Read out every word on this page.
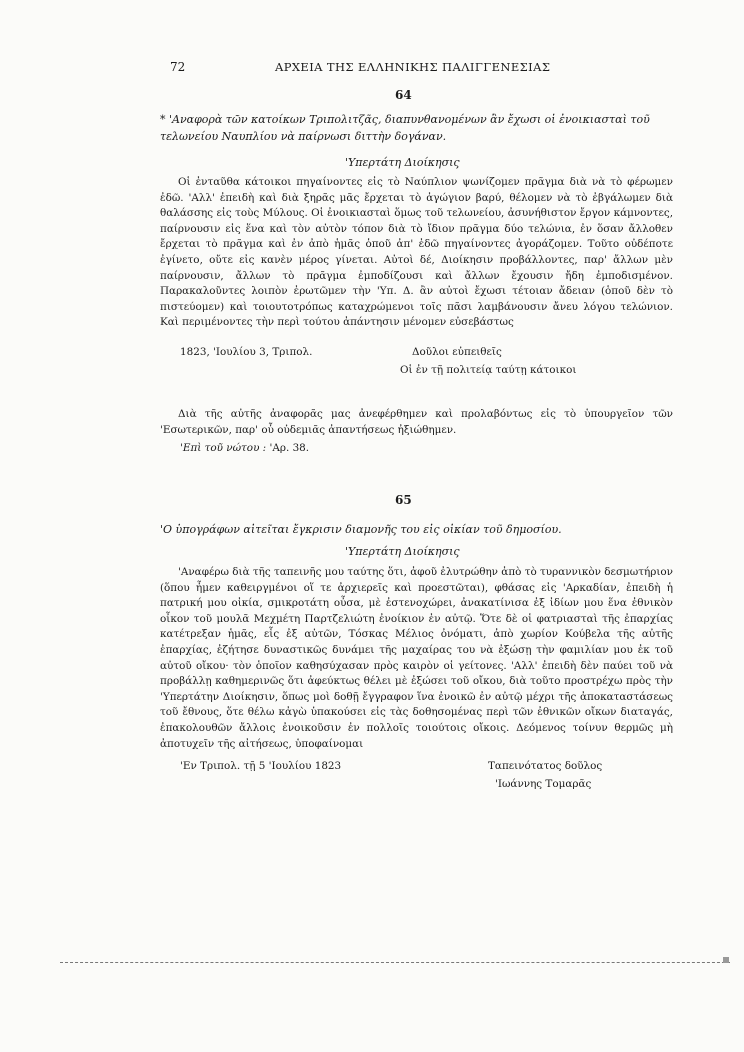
72	ΑΡΧΕΙΑ ΤΗΣ ΕΛΛΗΝΙΚΗΣ ΠΑΛΙΓΓΕΝΕΣΙΑΣ
64
* 'Αναφορὰ τῶν κατοίκων Τριπολιτζᾶς, διαπυνθανομένων ἂν ἔχωσι οἱ ἐνοικιασταὶ τοῦ
τελωνείου Ναυπλίου νὰ παίρνωσι διττὴν δογάναν.
'Υπερτάτη Διοίκησις

Οἱ ἐνταῦθα κάτοικοι πηγαίνοντες εἰς τὸ Ναύπλιον ψωνίζομεν πρᾶγμα διὰ νὰ τὸ φέρωμεν ἐδῶ. 'Αλλ' ἐπειδὴ καὶ διὰ ξηρᾶς μᾶς ἔρχεται τὸ ἀγώγιον βαρύ, θέλομεν νὰ τὸ ἐβγάλωμεν διὰ θαλάσσης εἰς τοὺς Μύλους. Οἱ ἐνοικιασταὶ ὅμως τοῦ τελωνείου, ἀσυνήθιστον ἔργον κάμνοντες, παίρνουσιν εἰς ἕνα καὶ τὸν αὐτὸν τόπον διὰ τὸ ἴδιον πρᾶγμα δύο τελώνια, ἐν ὅσαν ἄλλοθεν ἔρχεται τὸ πρᾶγμα καὶ ἐν ἀπὸ ἡμᾶς ὁποῦ ἀπ' ἐδῶ πηγαίνοντες ἀγοράζομεν. Τοῦτο οὐδέποτε ἐγίνετο, οὔτε εἰς κανὲν μέρος γίνεται. Αὐτοὶ δέ, Διοίκησιν προβάλλοντες, παρ' ἄλλων μὲν παίρνουσιν, ἄλλων τὸ πρᾶγμα ἐμποδίζουσι καὶ ἄλλων ἔχουσιν ἤδη ἐμποδισμένον. Παρακαλοῦντες λοιπὸν ἐρωτῶμεν τὴν 'Υπ. Δ. ἂν αὐτοὶ ἔχωσι τέτοιαν ἄδειαν (ὁποῦ δὲν τὸ πιστεύομεν) καὶ τοιουτοτρόπως καταχρώμενοι τοῖς πᾶσι λαμβάνουσιν ἄνευ λόγου τελώνιον. Καὶ περιμένοντες τὴν περὶ τούτου ἀπάντησιν μένομεν εὐσεβάστως

1823, 'Ιουλίου 3, Τριπολ.	Δοῦλοι εὐπειθεῖς
Οἱ ἐν τῇ πολιτείᾳ ταύτῃ κάτοικοι

Διὰ τῆς αὐτῆς ἀναφορᾶς μας ἀνεφέρθημεν καὶ προλαβόντως εἰς τὸ ὑπουργεῖον τῶν 'Εσωτερικῶν, παρ' οὗ οὐδεμιᾶς ἀπαντήσεως ἠξιώθημεν.

'Επὶ τοῦ νώτου : 'Αρ. 38.
65
'Ο ὑπογράφων αἰτεῖται ἔγκρισιν διαμονῆς του εἰς οἰκίαν τοῦ δημοσίου.
'Υπερτάτη Διοίκησις

'Αναφέρω διὰ τῆς ταπεινῆς μου ταύτης ὅτι, ἀφοῦ ἐλυτρώθην ἀπὸ τὸ τυραννικὸν δεσμωτήριον (ὅπου ἦμεν καθειργμένοι οἵ τε ἀρχιερεῖς καὶ προεστῶται), φθάσας εἰς 'Αρκαδίαν, ἐπειδὴ ἡ πατρική μου οἰκία, σμικροτάτη οὖσα, μὲ ἐστενοχώρει, ἀνακατίνισα ἐξ ἰδίων μου ἕνα ἐθνικὸν οἶκον τοῦ μουλᾶ Μεχμέτη Παρτζελιώτη ἐνοίκιον ἐν αὐτῷ. Ὅτε δὲ οἱ φατριασταὶ τῆς ἐπαρχίας κατέτρεξαν ἡμᾶς, εἷς ἐξ αὐτῶν, Τόσκας Μέλιος ὀνόματι, ἀπὸ χωρίον Κούβελα τῆς αὐτῆς ἐπαρχίας, ἐζήτησε δυναστικῶς δυνάμει τῆς μαχαίρας του νὰ ἐξώσῃ τὴν φαμιλίαν μου ἐκ τοῦ αὐτοῦ οἴκου· τὸν ὁποῖον καθησύχασαν πρὸς καιρὸν οἱ γείτονες. 'Αλλ' ἐπειδὴ δὲν παύει τοῦ νὰ προβάλλῃ καθημερινῶς ὅτι ἀφεύκτως θέλει μὲ ἐξώσει τοῦ οἴκου, διὰ τοῦτο προστρέχω πρὸς τὴν 'Υπερτάτην Διοίκησιν, ὅπως μοὶ δοθῇ ἔγγραφον ἵνα ἐνοικῶ ἐν αὐτῷ μέχρι τῆς ἀποκαταστάσεως τοῦ ἔθνους, ὅτε θέλω κἀγὼ ὑπακούσει εἰς τὰς δοθησομένας περὶ τῶν ἐθνικῶν οἴκων διαταγάς, ἐπακολουθῶν ἄλλοις ἐνοικοῦσιν ἐν πολλοῖς τοιούτοις οἴκοις. Δεόμενος τοίνυν θερμῶς μὴ ἀποτυχεῖν τῆς αἰτήσεως, ὑποφαίνομαι

'Εν Τριπολ. τῇ 5 'Ιουλίου 1823	Ταπεινότατος δοῦλος
'Ιωάννης Τομαρᾶς
